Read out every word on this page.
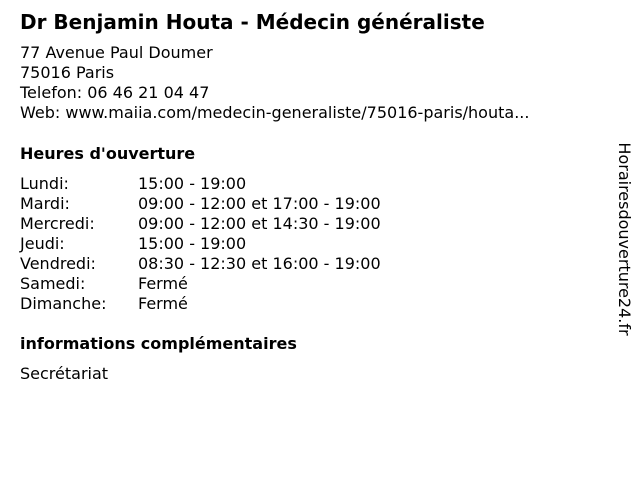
Dr Benjamin Houta - Médecin généraliste
77 Avenue Paul Doumer
75016 Paris
Telefon: 06 46 21 04 47
Web: www.maiia.com/medecin-generaliste/75016-paris/houta...
Heures d'ouverture
Lundi:	15:00 - 19:00
Mardi:	09:00 - 12:00 et 17:00 - 19:00
Mercredi:	09:00 - 12:00 et 14:30 - 19:00
Jeudi:	15:00 - 19:00
Vendredi:	08:30 - 12:30 et 16:00 - 19:00
Samedi:	Fermé
Dimanche:	Fermé
informations complémentaires
Secrétariat
Horairesdouverture24.fr
